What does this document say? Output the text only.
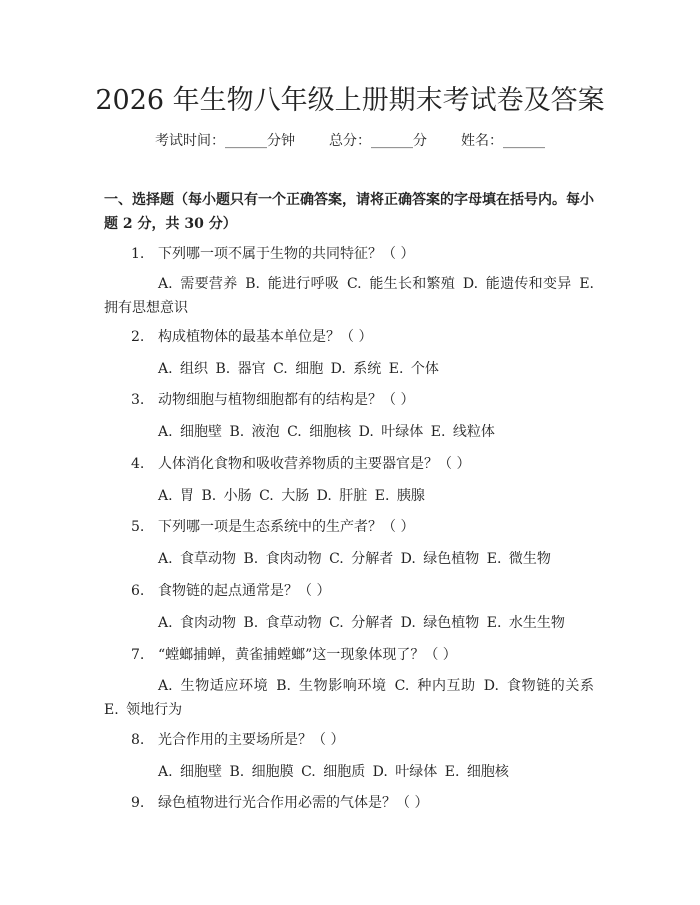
2026 年生物八年级上册期末考试卷及答案
考试时间：______分钟 总分：______分 姓名：______
一、选择题（每小题只有一个正确答案，请将正确答案的字母填在括号内。每小题 2 分，共 30 分）
1. 下列哪一项不属于生物的共同特征？（ ）
A. 需要营养 B. 能进行呼吸 C. 能生长和繁殖 D. 能遗传和变异 E. 拥有思想意识
2. 构成植物体的最基本单位是？（ ）
A. 组织 B. 器官 C. 细胞 D. 系统 E. 个体
3. 动物细胞与植物细胞都有的结构是？（ ）
A. 细胞壁 B. 液泡 C. 细胞核 D. 叶绿体 E. 线粒体
4. 人体消化食物和吸收营养物质的主要器官是？（ ）
A. 胃 B. 小肠 C. 大肠 D. 肝脏 E. 胰腺
5. 下列哪一项是生态系统中的生产者？（ ）
A. 食草动物 B. 食肉动物 C. 分解者 D. 绿色植物 E. 微生物
6. 食物链的起点通常是？（ ）
A. 食肉动物 B. 食草动物 C. 分解者 D. 绿色植物 E. 水生生物
7. “螳螂捕蝉，黄雀捕螳螂”这一现象体现了？（ ）
A. 生物适应环境 B. 生物影响环境 C. 种内互助 D. 食物链的关系 E. 领地行为
8. 光合作用的主要场所是？（ ）
A. 细胞壁 B. 细胞膜 C. 细胞质 D. 叶绿体 E. 细胞核
9. 绿色植物进行光合作用必需的气体是？（ ）
